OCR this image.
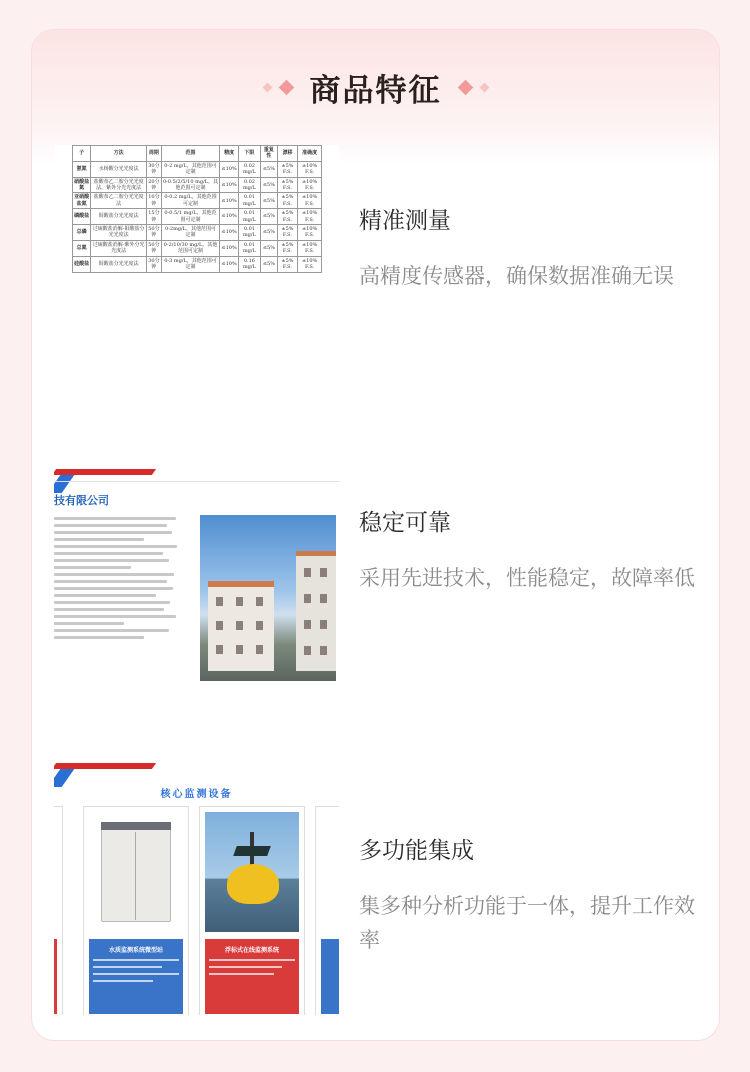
商品特征
子	方法	周期	范围	精度	下限	重复性	漂移	准确度
氨氮	水杨酸分光光度法	30分钟	0-2 mg/L，其他范围可定制	≤10%	0.02 mg/L	≤5%	±5% F.S.	±10% F.S.
硝酸盐氮	盐酸萘乙二胺分光光度法，紫外分光光度法	20分钟	0-0.5/2/5/10 mg/L，其他范围可定制	≤10%	0.02 mg/L	≤5%	±5% F.S.	±10% F.S.
亚硝酸盐氮	盐酸萘乙二胺分光光度法	10分钟	0-0.2 mg/L，其他范围可定制	≤10%	0.01 mg/L	≤5%	±5% F.S.	±10% F.S.
磷酸盐	钼酸盐分光光度法	15分钟	0-0.5/1 mg/L，其他范围可定制	≤10%	0.01 mg/L	≤5%	±5% F.S.	±10% F.S.
总磷	过硫酸盐消解-钼酸盐分光光度法	50分钟	0-2mg/L，其他范围可定制	≤10%	0.01 mg/L	≤5%	±5% F.S.	±10% F.S.
总氮	过硫酸盐消解-紫外分光光度法	50分钟	0-2/10/30 mg/L，其他范围可定制	≤10%	0.01 mg/L	≤5%	±5% F.S.	±10% F.S.
硅酸盐	钼酸盐分光光度法	30分钟	0-3 mg/L，其他范围可定制	≤10%	0.16 mg/L	≤5%	±5% F.S.	±10% F.S.
精准测量
高精度传感器，确保数据准确无误
技有限公司
稳定可靠
采用先进技术，性能稳定，故障率低
核心监测设备
水质监测系统微型站	浮标式在线监测系统
多功能集成
集多种分析功能于一体，提升工作效率
